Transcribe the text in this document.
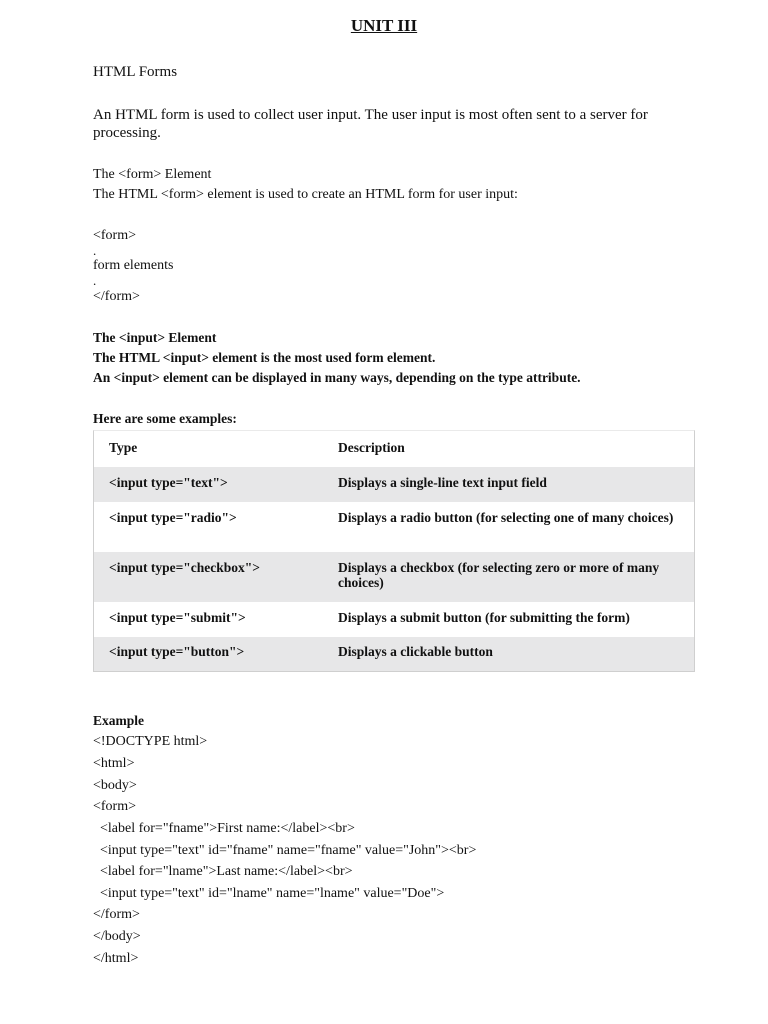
UNIT III

HTML Forms

An HTML form is used to collect user input. The user input is most often sent to a server for processing.

The <form> Element

The HTML <form> element is used to create an HTML form for user input:

<form>

.

form elements

.

</form>

The <input> Element

The HTML <input> element is the most used form element.

An <input> element can be displayed in many ways, depending on the type attribute.

Here are some examples:

Type	Description
<input type="text">	Displays a single-line text input field
<input type="radio">	Displays a radio button (for selecting one of many choices)
<input type="checkbox">	Displays a checkbox (for selecting zero or more of many choices)
<input type="submit">	Displays a submit button (for submitting the form)
<input type="button">	Displays a clickable button

Example

<!DOCTYPE html>

<html>

<body>

<form>

<label for="fname">First name:</label><br>

<input type="text" id="fname" name="fname" value="John"><br>

<label for="lname">Last name:</label><br>

<input type="text" id="lname" name="lname" value="Doe">

</form>

</body>

</html>
